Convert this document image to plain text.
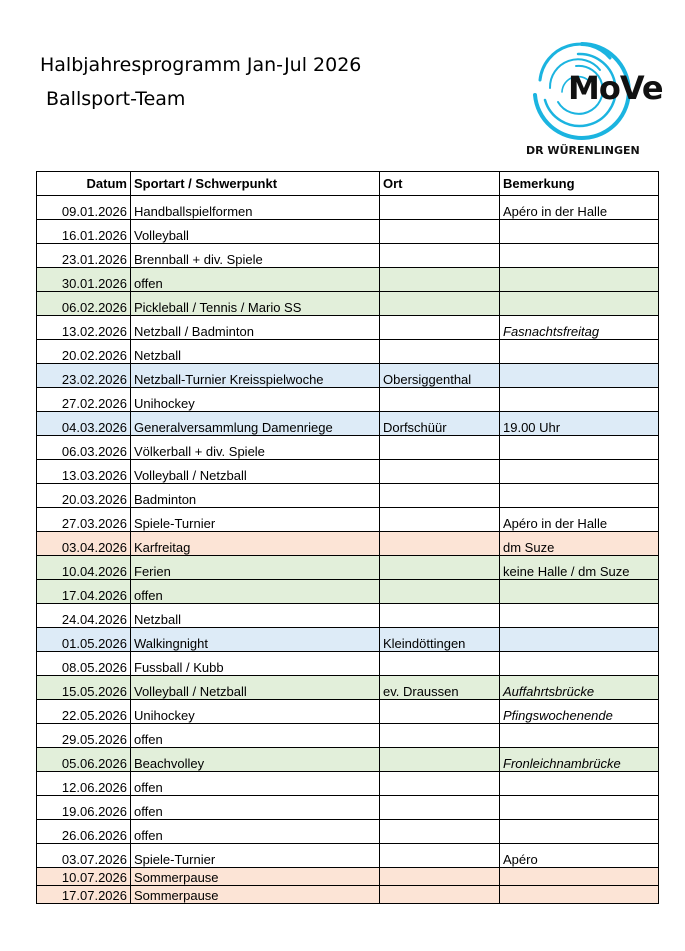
Halbjahresprogramm Jan-Jul 2026
Ballsport-Team	MoVe
DR WÜRENLINGEN
Datum	Sportart / Schwerpunkt	Ort	Bemerkung
09.01.2026	Handballspielformen		Apéro in der Halle
16.01.2026	Volleyball		
23.01.2026	Brennball + div. Spiele		
30.01.2026	offen		
06.02.2026	Pickleball / Tennis / Mario SS		
13.02.2026	Netzball / Badminton		Fasnachtsfreitag
20.02.2026	Netzball		
23.02.2026	Netzball-Turnier Kreisspielwoche	Obersiggenthal	
27.02.2026	Unihockey		
04.03.2026	Generalversammlung Damenriege	Dorfschüür	19.00 Uhr
06.03.2026	Völkerball + div. Spiele		
13.03.2026	Volleyball / Netzball		
20.03.2026	Badminton		
27.03.2026	Spiele-Turnier		Apéro in der Halle
03.04.2026	Karfreitag		dm Suze
10.04.2026	Ferien		keine Halle / dm Suze
17.04.2026	offen		
24.04.2026	Netzball		
01.05.2026	Walkingnight	Kleindöttingen	
08.05.2026	Fussball / Kubb		
15.05.2026	Volleyball / Netzball	ev. Draussen	Auffahrtsbrücke
22.05.2026	Unihockey		Pfingswochenende
29.05.2026	offen		
05.06.2026	Beachvolley		Fronleichnambrücke
12.06.2026	offen		
19.06.2026	offen		
26.06.2026	offen		
03.07.2026	Spiele-Turnier		Apéro
10.07.2026	Sommerpause		
17.07.2026	Sommerpause		
